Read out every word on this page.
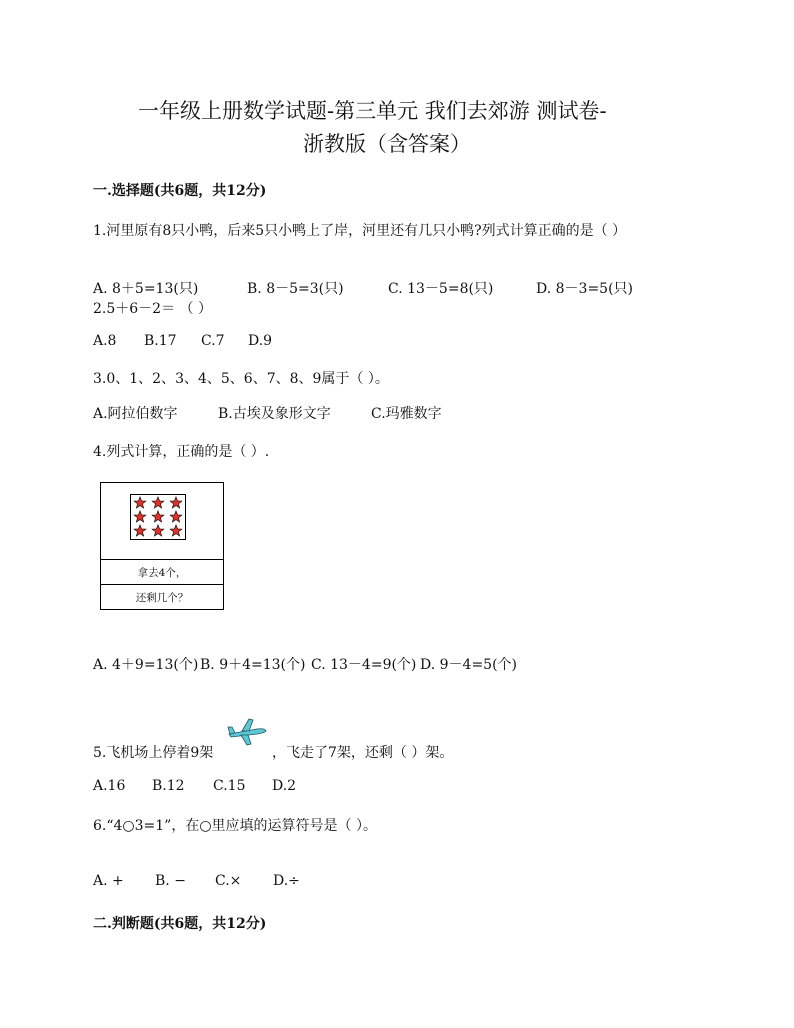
一年级上册数学试题-第三单元 我们去郊游 测试卷-
浙教版（含答案）
一.选择题(共6题，共12分)
1.河里原有8只小鸭，后来5只小鸭上了岸，河里还有几只小鸭?列式计算正确的是（ ）
A. 8＋5=13(只)	B. 8－5=3(只)	C. 13－5=8(只)	D. 8－3=5(只)
2.5＋6－2＝ （ ）
A.8 B.17 C.7 D.9
3.0、1、2、3、4、5、6、7、8、9属于（ ）。
A.阿拉伯数字	B.古埃及象形文字	C.玛雅数字
4.列式计算，正确的是（ ）.
拿去4个，
还剩几个？
A. 4＋9=13(个) B. 9＋4=13(个) C. 13－4=9(个) D. 9－4=5(个)
5.飞机场上停着9架	，飞走了7架，还剩（ ）架。
A.16 B.12 C.15 D.2
6.“4○3=1”，在○里应填的运算符号是（ ）。
A. + B. − C.× D.÷
二.判断题(共6题，共12分)
